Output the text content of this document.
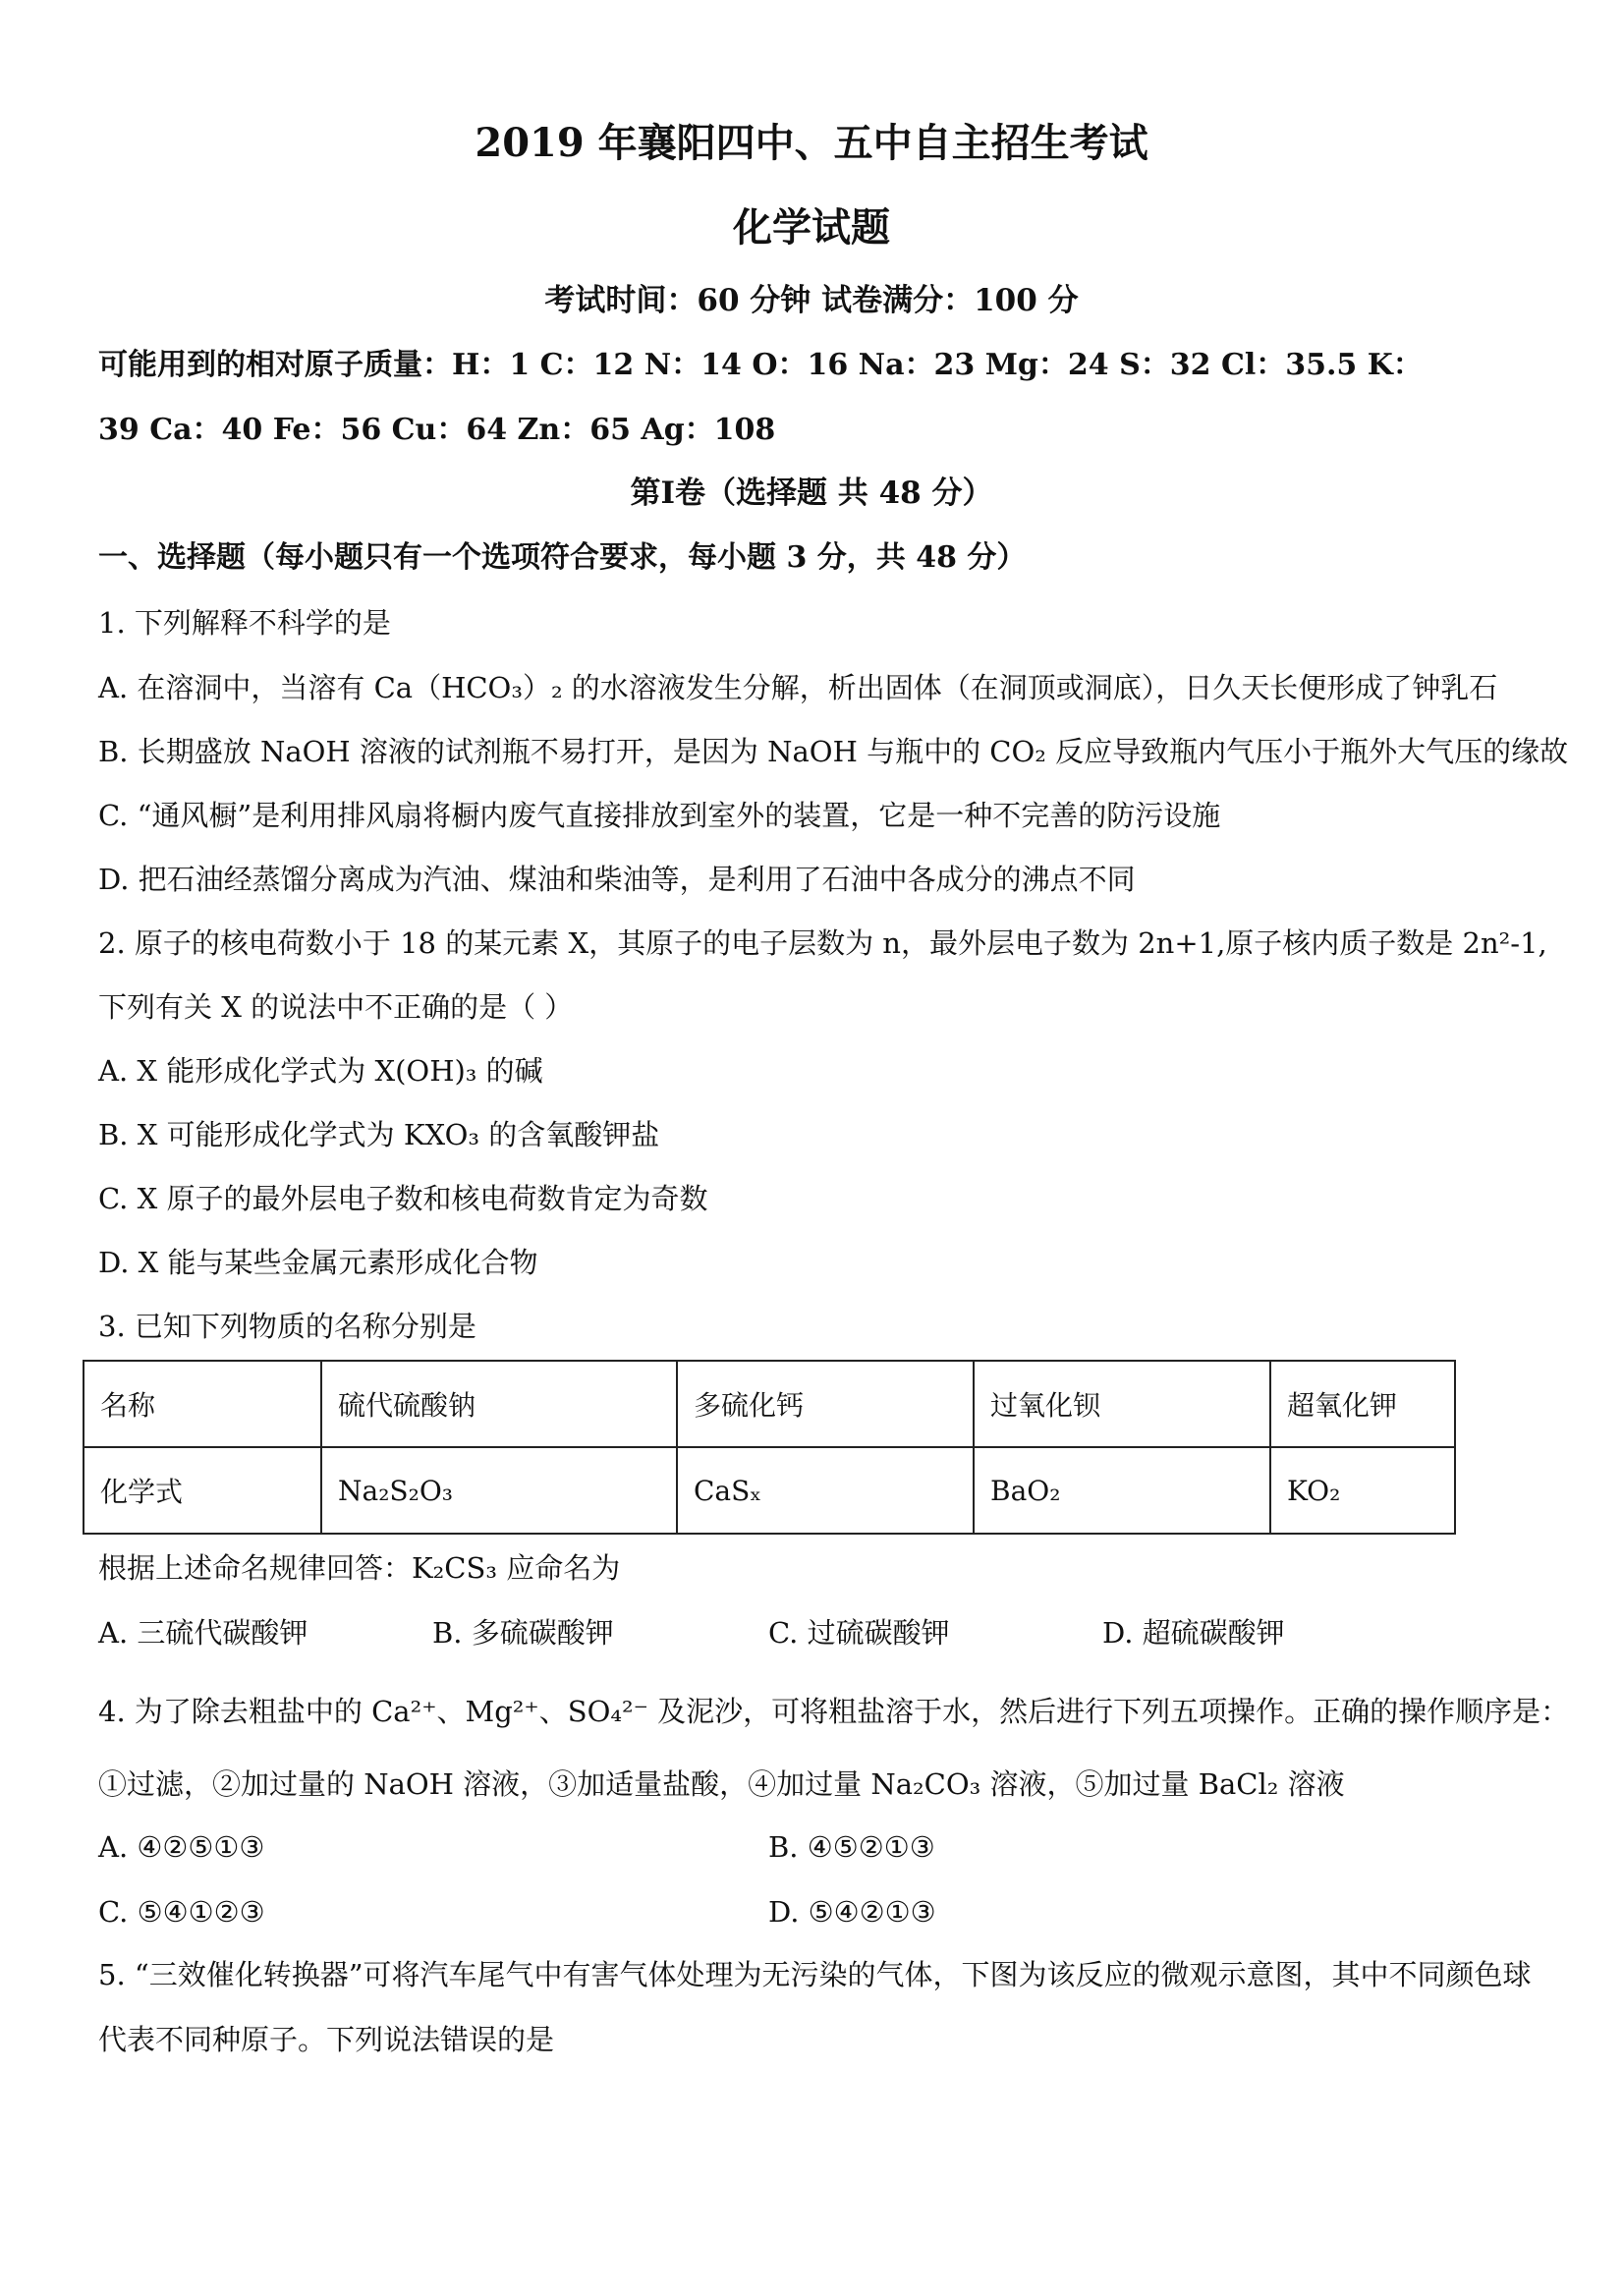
2019 年襄阳四中、五中自主招生考试
化学试题
考试时间：60 分钟 试卷满分：100 分
可能用到的相对原子质量：H：1 C：12 N：14 O：16 Na：23 Mg：24 S：32 Cl：35.5 K：
39 Ca：40 Fe：56 Cu：64 Zn：65 Ag：108
第Ⅰ卷（选择题 共 48 分）
一、选择题（每小题只有一个选项符合要求，每小题 3 分，共 48 分）
1. 下列解释不科学的是
A. 在溶洞中，当溶有 Ca（HCO₃）₂ 的水溶液发生分解，析出固体（在洞顶或洞底），日久天长便形成了钟乳石
B. 长期盛放 NaOH 溶液的试剂瓶不易打开，是因为 NaOH 与瓶中的 CO₂ 反应导致瓶内气压小于瓶外大气压的缘故
C. “通风橱”是利用排风扇将橱内废气直接排放到室外的装置，它是一种不完善的防污设施
D. 把石油经蒸馏分离成为汽油、煤油和柴油等，是利用了石油中各成分的沸点不同
2. 原子的核电荷数小于 18 的某元素 X，其原子的电子层数为 n，最外层电子数为 2n+1,原子核内质子数是 2n²-1,
下列有关 X 的说法中不正确的是（ ）
A. X 能形成化学式为 X(OH)₃ 的碱
B. X 可能形成化学式为 KXO₃ 的含氧酸钾盐
C. X 原子的最外层电子数和核电荷数肯定为奇数
D. X 能与某些金属元素形成化合物
3. 已知下列物质的名称分别是
名称	硫代硫酸钠	多硫化钙	过氧化钡	超氧化钾
化学式	Na₂S₂O₃	CaSₓ	BaO₂	KO₂
根据上述命名规律回答：K₂CS₃ 应命名为
A. 三硫代碳酸钾	B. 多硫碳酸钾	C. 过硫碳酸钾	D. 超硫碳酸钾
4. 为了除去粗盐中的 Ca²⁺、Mg²⁺、SO₄²⁻ 及泥沙，可将粗盐溶于水，然后进行下列五项操作。正确的操作顺序是：
①过滤，②加过量的 NaOH 溶液，③加适量盐酸，④加过量 Na₂CO₃ 溶液，⑤加过量 BaCl₂ 溶液
A. ④②⑤①③	B. ④⑤②①③
C. ⑤④①②③	D. ⑤④②①③
5. “三效催化转换器”可将汽车尾气中有害气体处理为无污染的气体，下图为该反应的微观示意图，其中不同颜色球
代表不同种原子。下列说法错误的是
